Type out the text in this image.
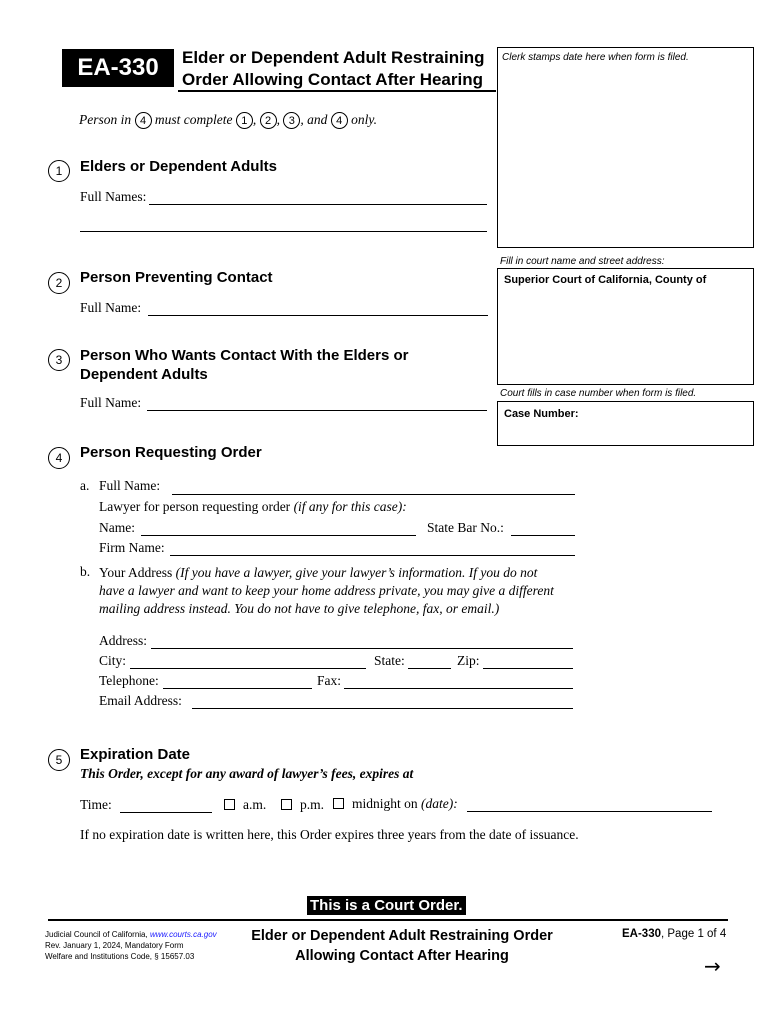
EA-330	Elder or Dependent Adult Restraining
Order Allowing Contact After Hearing
Clerk stamps date here when form is filed.
Fill in court name and street address:
Superior Court of California, County of
Court fills in case number when form is filed.
Case Number:
Person in 4 must complete 1 , 2 , 3 , and 4 only.
1	Elders or Dependent Adults
Full Names:
2	Person Preventing Contact
Full Name:
3	Person Who Wants Contact With the Elders or
Dependent Adults
Full Name:
4	Person Requesting Order
a. Full Name:
Lawyer for person requesting order (if any for this case):
Name:	State Bar No.:
Firm Name:
b. Your Address (If you have a lawyer, give your lawyer’s information. If you do not
have a lawyer and want to keep your home address private, you may give a different
mailing address instead. You do not have to give telephone, fax, or email.)
Address:
City:	State:	Zip:
Telephone:	Fax:
Email Address:
5	Expiration Date
This Order, except for any award of lawyer’s fees, expires at
Time:	a.m.	p.m. midnight on (date):
If no expiration date is written here, this Order expires three years from the date of issuance.
This is a Court Order.
Judicial Council of California, www.courts.ca.gov
Rev. January 1, 2024, Mandatory Form
Welfare and Institutions Code, § 15657.03
Elder or Dependent Adult Restraining Order
Allowing Contact After Hearing
EA-330, Page 1 of 4
→
